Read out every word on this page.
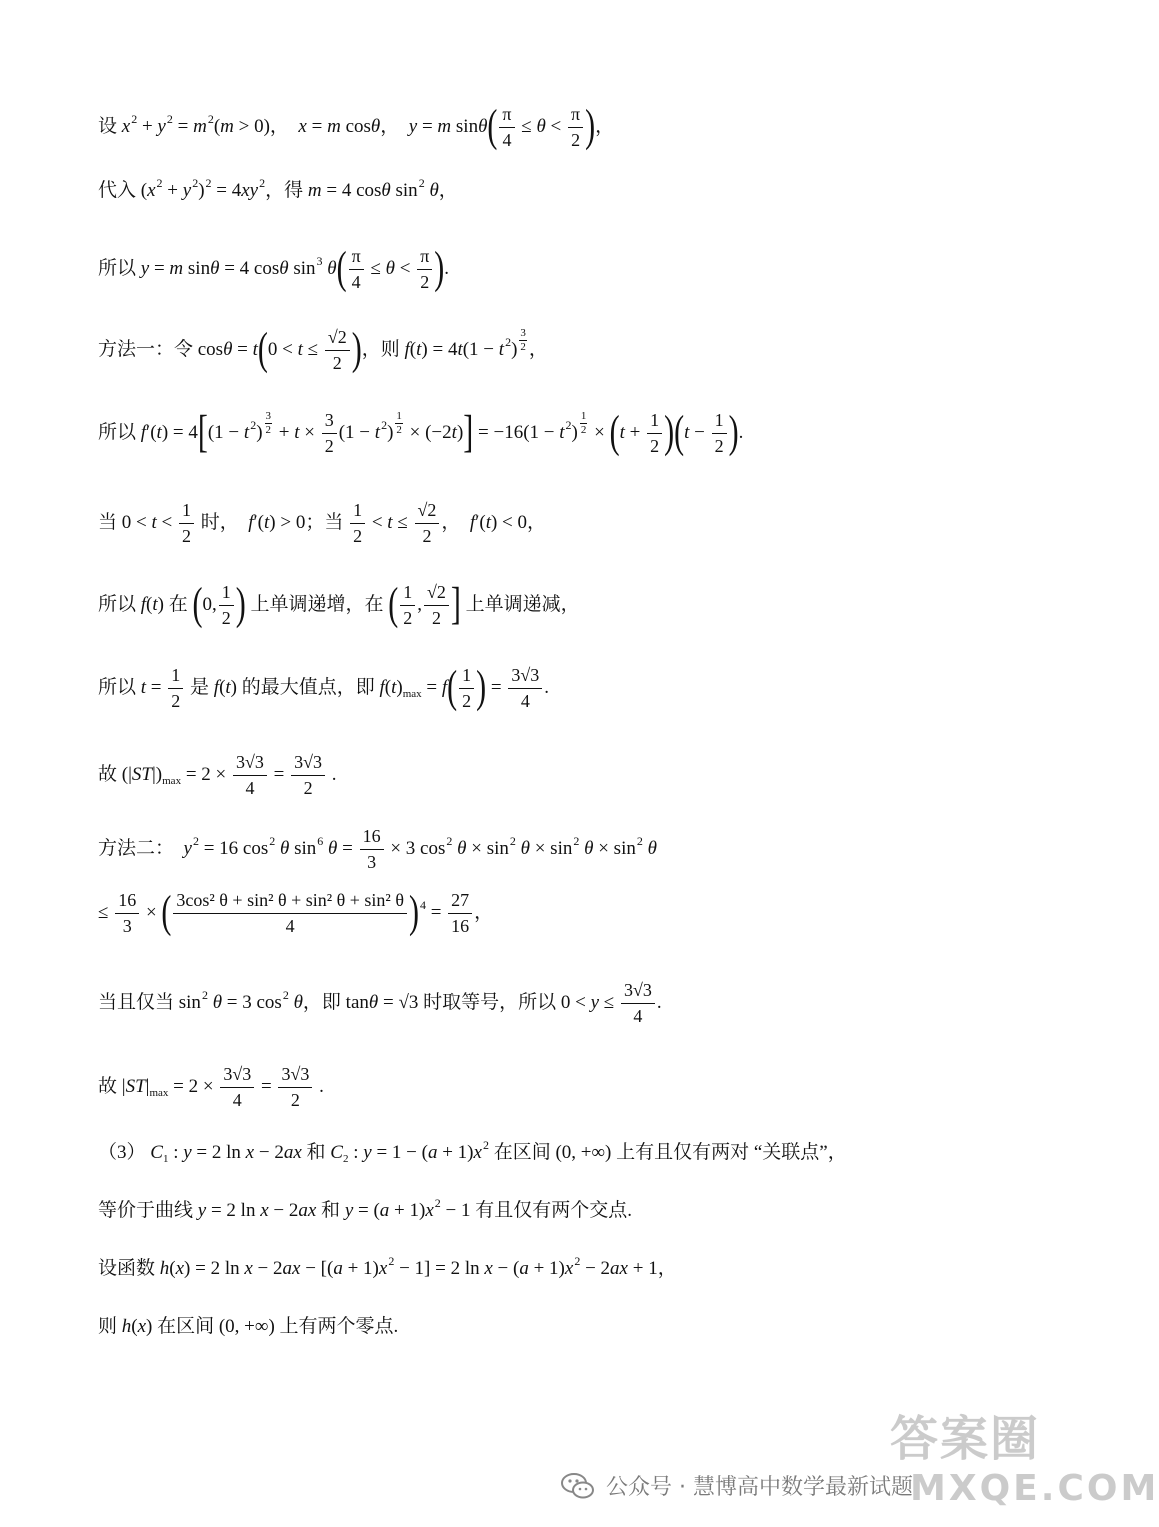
设 x 2 + y 2 = m 2 ( m > 0)， x = m cos θ ， y = m sin θ ( $\frac{\pi}{4} \le \theta < \frac{\pi}{2}$ ) ，
代入 ( x 2 + y 2 ) 2 = 4 xy 2 ，得 m = 4 cos θ sin 2
θ ，
所以 y = m sin θ = 4 cos θ sin 3
θ ( $\frac{\pi}{4} \le \theta < \frac{\pi}{2}$ ) .
方法一：令 cos θ = t ( $0 < t \le \frac{√2}{2}$ ) ，则 f ( t ) = 4 t (1 − t 2 ) $\frac{3}{2}$ ，
所以 f ′( t ) = 4 [ (1 − t 2 ) $\frac{3}{2} + t \times \frac{3}{2} (1 - t$ 2 ) $\frac{1}{2} \times (-2$ t ) ] = −16(1 − t 2 ) $\frac{1}{2}$ × ( $t + \frac{1}{2}$ ) ( $t - \frac{1}{2}$ ) .
当 $0 < t < \frac{1}{2}$ 时， f ′( t ) > 0；当 $\frac{1}{2} < t \le \frac{√2}{2}$ ， f ′( t ) < 0，
所以 f ( t ) 在 ( 0, $\frac{1}{2}$ ) 上单调递增，在 ( $\frac{1}{2}$ , $\frac{√2}{2}$ ] 上单调递减，
所以 $t = \frac{1}{2}$ 是 f ( t ) 的最大值点，即 f ( t ) max = f ( $\frac{1}{2}$ ) = $\frac{3√3}{4}$ .
故 (| ST |) $\max = 2 \times \frac{3√3}{4} = \frac{3√3}{2}$ .
方法二： y 2 = 16 cos 2
θ sin 6
$\theta = \frac{16}{3} \times 3$ cos 2
θ × sin 2
θ × sin 2
θ × sin 2
θ
≤ $\frac{16}{3}$ × ( $\frac{\text{3cos² θ + sin² θ + sin² θ + sin² θ}}{4}$ ) $4 = \frac{27}{16}$ ，
当且仅当 sin 2
θ = 3 cos 2
θ ，即 tan θ = √3 时取等号，所以 $0 < y \le \frac{3√3}{4}$ .
故 | ST | $\max = 2 \times \frac{3√3}{4} = \frac{3√3}{2}$ .
（3） C 1 : y = 2 ln x − 2 ax 和 C 2 : y = 1 − ( a + 1) x 2 在区间 (0, +∞) 上有且仅有两对 “关联点”，
等价于曲线 y = 2 ln x − 2 ax 和 y = ( a + 1) x 2 − 1 有且仅有两个交点.
设函数 h ( x ) = 2 ln x − 2 ax − [( a + 1) x 2 − 1] = 2 ln x − ( a + 1) x 2 − 2 ax + 1，
则 h ( x ) 在区间 (0, +∞) 上有两个零点.
公众号 · 慧博高中数学最新试题
答案圈
MXQE.COM
